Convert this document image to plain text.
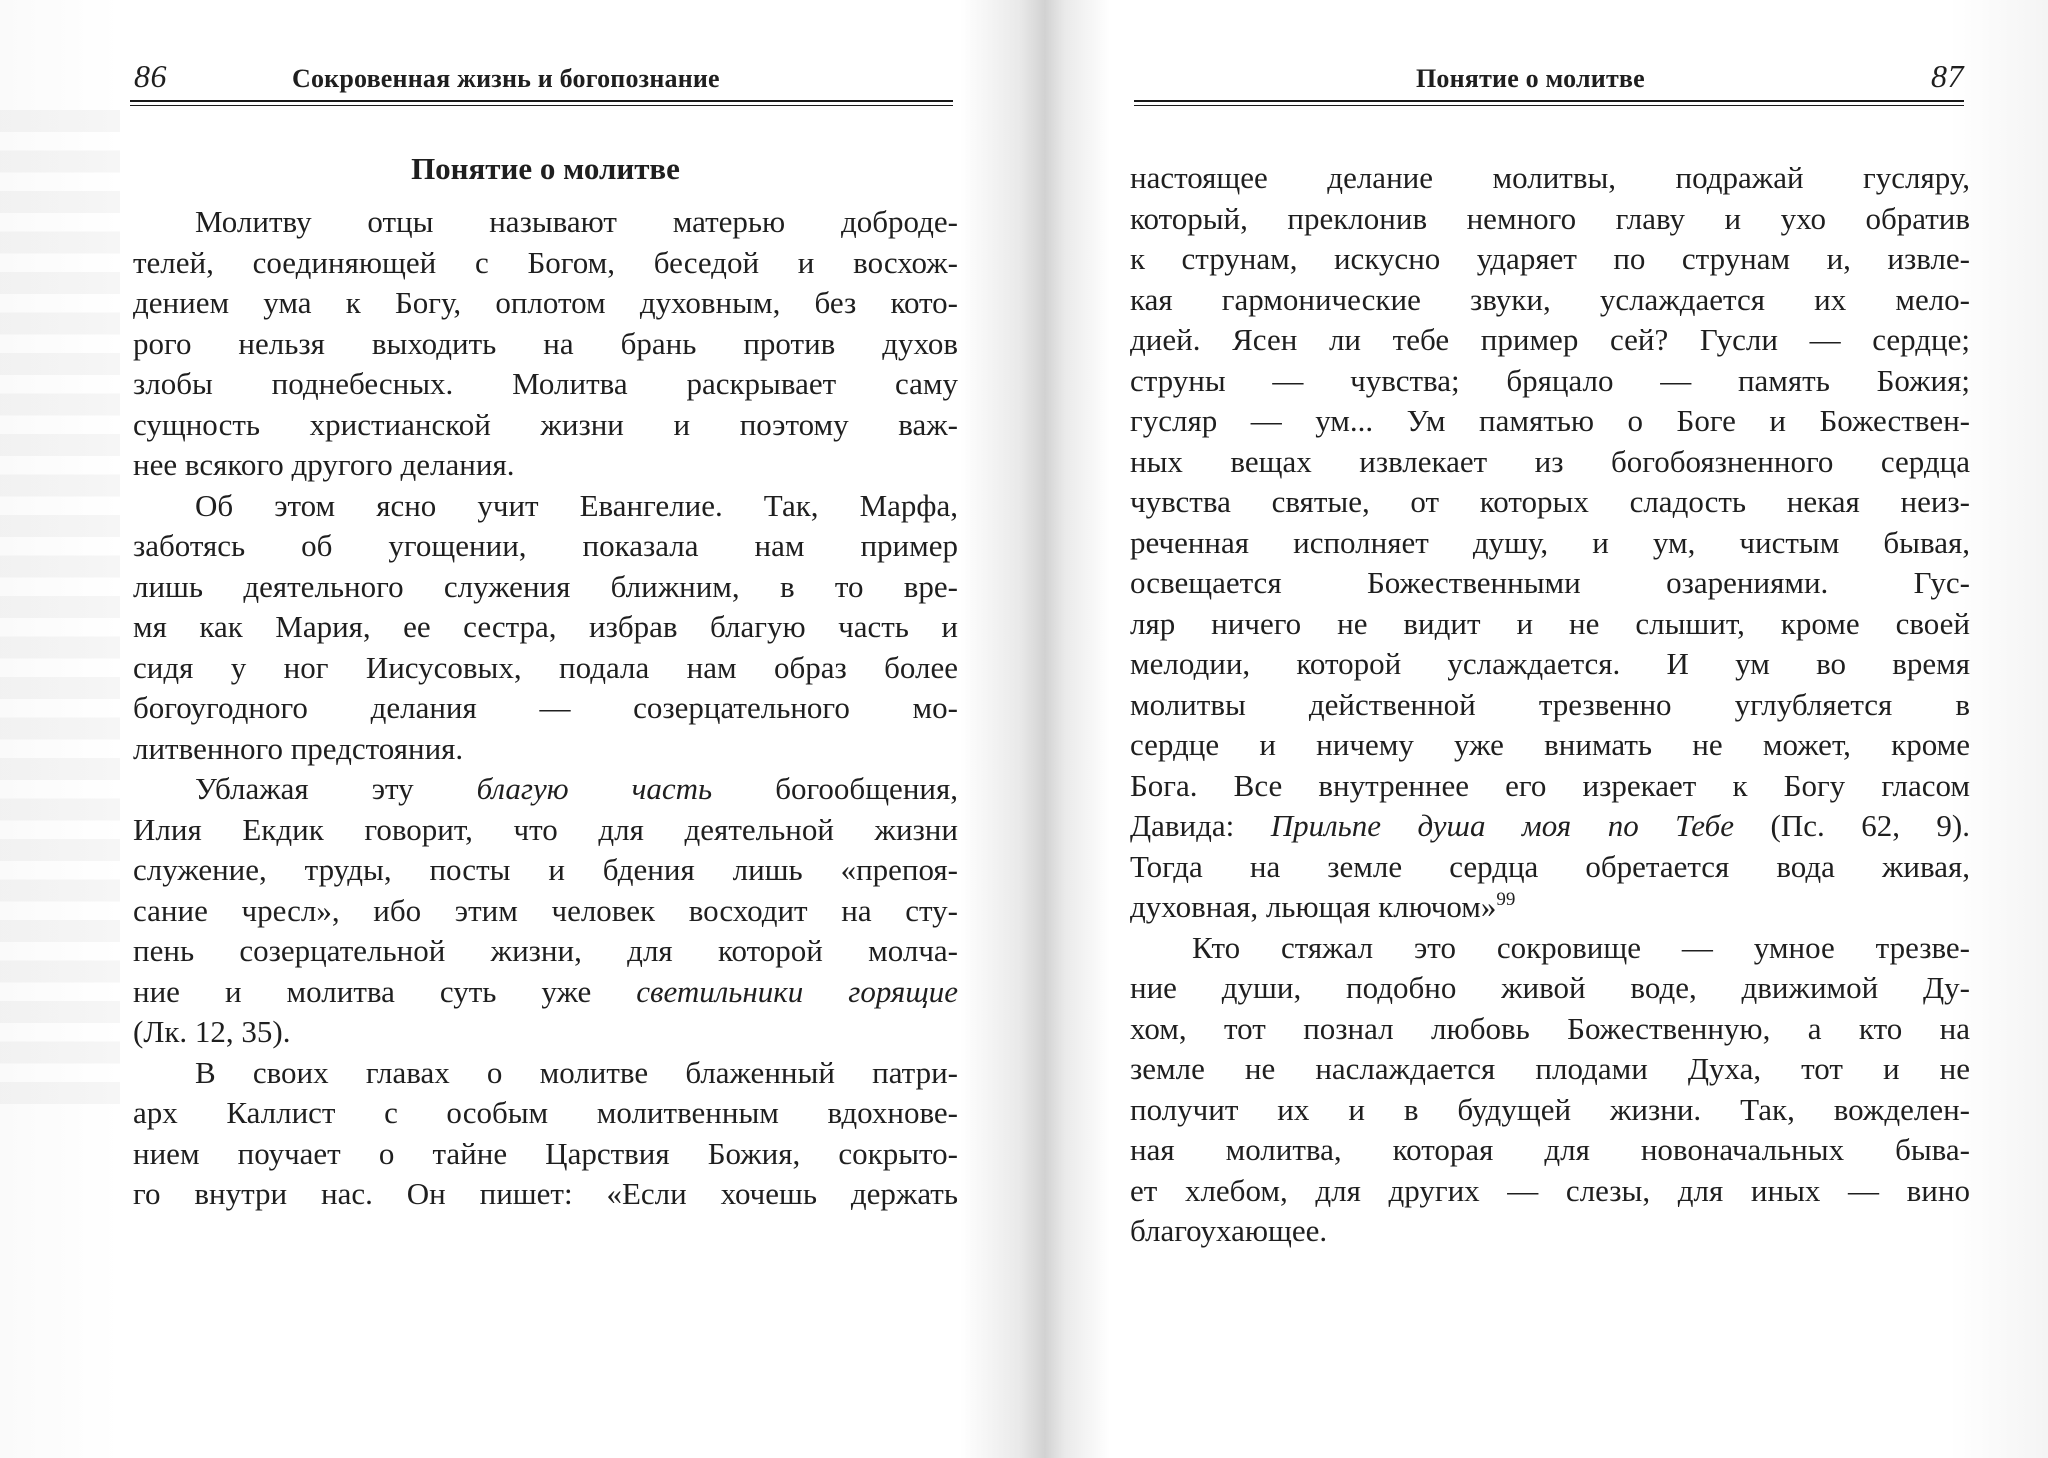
86	Сокровенная жизнь и богопознание
Понятие о молитве
Молитву отцы называют матерью доброде-
телей, соединяющей с Богом, беседой и восхож-
дением ума к Богу, оплотом духовным, без кото-
рого нельзя выходить на брань против духов
злобы поднебесных. Молитва раскрывает саму
сущность христианской жизни и поэтому важ-
нее всякого другого делания.
Об этом ясно учит Евангелие. Так, Марфа,
заботясь об угощении, показала нам пример
лишь деятельного служения ближним, в то вре-
мя как Мария, ее сестра, избрав благую часть и
сидя у ног Иисусовых, подала нам образ более
богоугодного делания — созерцательного мо-
литвенного предстояния.
Ублажая эту благую часть богообщения,
Илия Екдик говорит, что для деятельной жизни
служение, труды, посты и бдения лишь «препоя-
сание чресл», ибо этим человек восходит на сту-
пень созерцательной жизни, для которой молча-
ние и молитва суть уже светильники горящие
(Лк. 12, 35).
В своих главах о молитве блаженный патри-
арх Каллист с особым молитвенным вдохнове-
нием поучает о тайне Царствия Божия, сокрыто-
го внутри нас. Он пишет: «Если хочешь держать
Понятие о молитве	87
настоящее делание молитвы, подражай гусляру,
который, преклонив немного главу и ухо обратив
к струнам, искусно ударяет по струнам и, извле-
кая гармонические звуки, услаждается их мело-
дией. Ясен ли тебе пример сей? Гусли — сердце;
струны — чувства; бряцало — память Божия;
гусляр — ум... Ум памятью о Боге и Божествен-
ных вещах извлекает из богобоязненного сердца
чувства святые, от которых сладость некая неиз-
реченная исполняет душу, и ум, чистым бывая,
освещается Божественными озарениями. Гус-
ляр ничего не видит и не слышит, кроме своей
мелодии, которой услаждается. И ум во время
молитвы действенной трезвенно углубляется в
сердце и ничему уже внимать не может, кроме
Бога. Все внутреннее его изрекает к Богу гласом
Давида: Прильпе душа моя по Тебе (Пс. 62, 9).
Тогда на земле сердца обретается вода живая,
духовная, льющая ключом»$^{99}$
Кто стяжал это сокровище — умное трезве-
ние души, подобно живой воде, движимой Ду-
хом, тот познал любовь Божественную, а кто на
земле не наслаждается плодами Духа, тот и не
получит их и в будущей жизни. Так, вожделен-
ная молитва, которая для новоначальных быва-
ет хлебом, для других — слезы, для иных — вино
благоухающее.
